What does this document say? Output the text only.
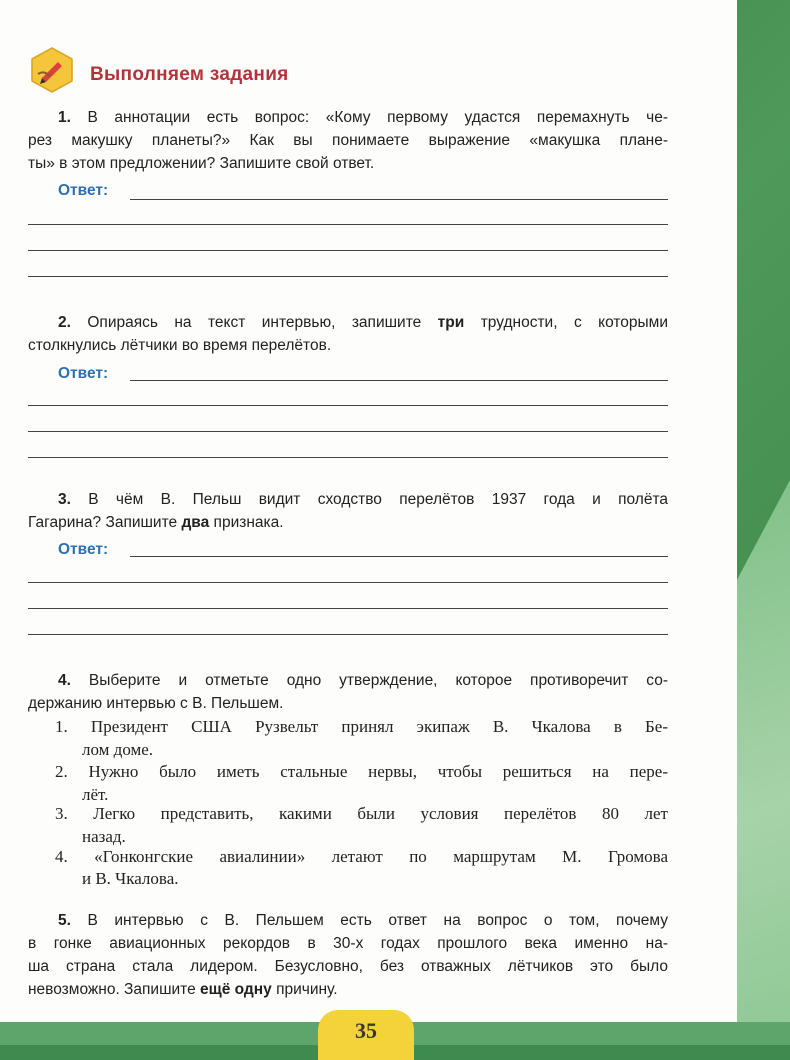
Выполняем задания
1. В аннотации есть вопрос: «Кому первому удастся перемахнуть че-
рез макушку планеты?» Как вы понимаете выражение «макушка плане-
ты» в этом предложении? Запишите свой ответ.
Ответ:
2. Опираясь на текст интервью, запишите три трудности, с которыми
столкнулись лётчики во время перелётов.
Ответ:
3. В чём В. Пельш видит сходство перелётов 1937 года и полёта
Гагарина? Запишите два признака.
Ответ:
4. Выберите и отметьте одно утверждение, которое противоречит со-
держанию интервью с В. Пельшем.
1. Президент США Рузвельт принял экипаж В. Чкалова в Бе-
лом доме.
2. Нужно было иметь стальные нервы, чтобы решиться на пере-
лёт.
3. Легко представить, какими были условия перелётов 80 лет
назад.
4. «Гонконгские авиалинии» летают по маршрутам М. Громова
и В. Чкалова.
5. В интервью с В. Пельшем есть ответ на вопрос о том, почему
в гонке авиационных рекордов в 30-х годах прошлого века именно на-
ша страна стала лидером. Безусловно, без отважных лётчиков это было
невозможно. Запишите ещё одну причину.
35
